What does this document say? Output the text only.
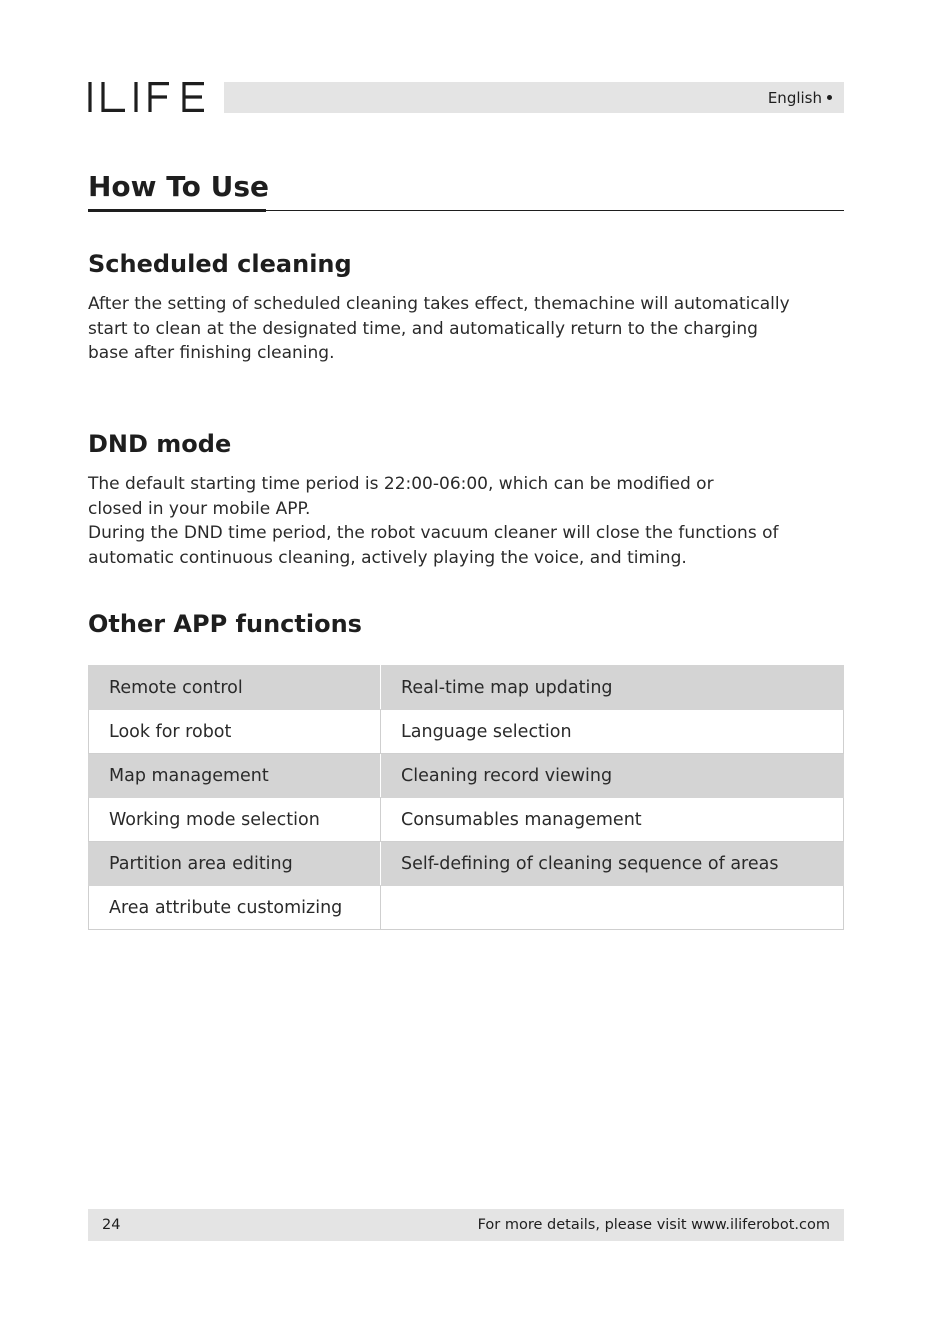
English
How To Use
Scheduled cleaning

After the setting of scheduled cleaning takes effect, themachine will automatically
start to clean at the designated time, and automatically return to the charging
base after finishing cleaning.

DND mode

The default starting time period is 22:00-06:00, which can be modified or
closed in your mobile APP.
During the DND time period, the robot vacuum cleaner will close the functions of
automatic continuous cleaning, actively playing the voice, and timing.

Other APP functions
Remote control	Real-time map updating
Look for robot	Language selection
Map management	Cleaning record viewing
Working mode selection	Consumables management
Partition area editing	Self-defining of cleaning sequence of areas
Area attribute customizing	
24	For more details, please visit www.iliferobot.com
